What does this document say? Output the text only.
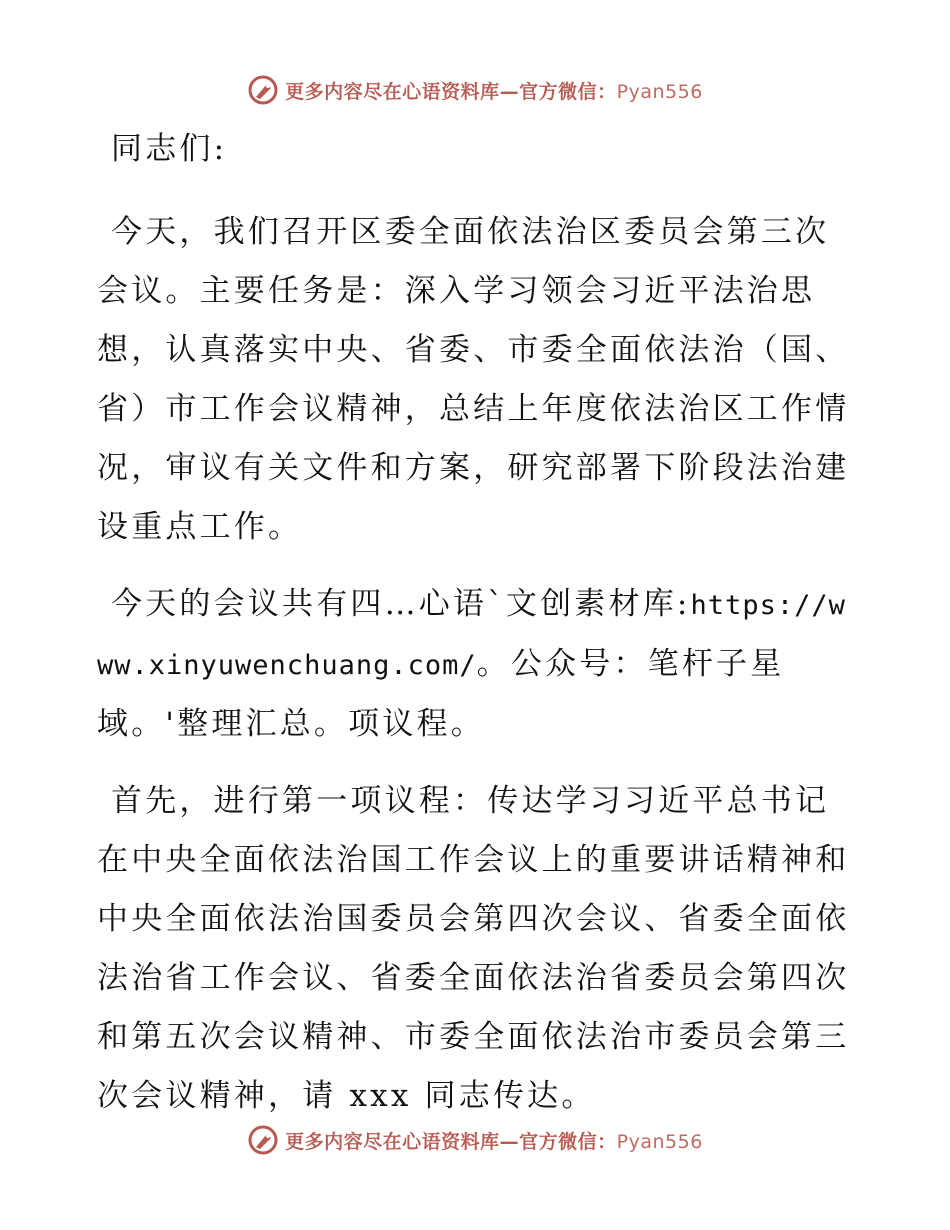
更多内容尽在心语资料库—官方微信：Pyan556

同志们:

今天，我们召开区委全面依法治区委员会第三次会议。主要任务是：深入学习领会习近平法治思想，认真落实中央、省委、市委全面依法治（国、省）市工作会议精神，总结上年度依法治区工作情况，审议有关文件和方案，研究部署下阶段法治建设重点工作。

今天的会议共有四…心语`文创素材库:https://www.xinyuwenchuang.com/。公众号：笔杆子星域。'整理汇总。项议程。

首先，进行第一项议程：传达学习习近平总书记在中央全面依法治国工作会议上的重要讲话精神和中央全面依法治国委员会第四次会议、省委全面依法治省工作会议、省委全面依法治省委员会第四次和第五次会议精神、市委全面依法治市委员会第三次会议精神，请 xxx 同志传达。

更多内容尽在心语资料库—官方微信：Pyan556
